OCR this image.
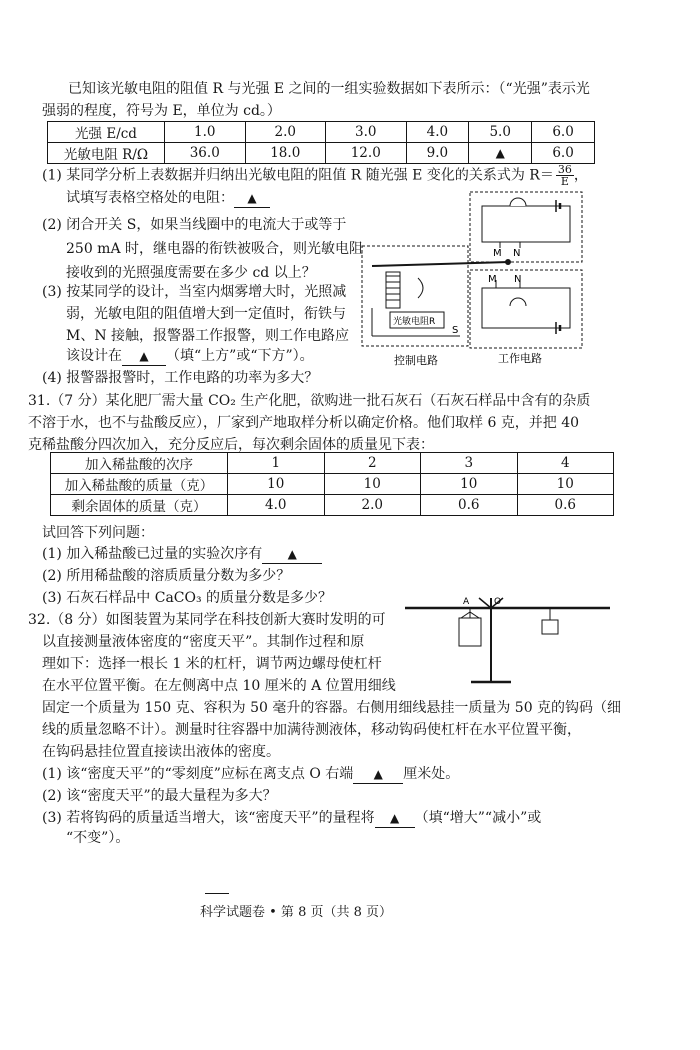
已知该光敏电阻的阻值 R 与光强 E 之间的一组实验数据如下表所示：（“光强”表示光
强弱的程度，符号为 E，单位为 cd。）
光强 E/cd	1.0	2.0	3.0	4.0	5.0	6.0
光敏电阻 R/Ω	36.0	18.0	12.0	9.0	▲	6.0
(1) 某同学分析上表数据并归纳出光敏电阻的阻值 R 随光强 E 变化的关系式为 $R= \frac{36}{E}$ ，
试填写表格空格处的电阻： ▲
(2) 闭合开关 S，如果当线圈中的电流大于或等于
250 mA 时，继电器的衔铁被吸合，则光敏电阻
接收到的光照强度需要在多少 cd 以上？
(3) 按某同学的设计，当室内烟雾增大时，光照减
弱，光敏电阻的阻值增大到一定值时，衔铁与
M、N 接触，报警器工作报警，则工作电路应
该设计在 ▲ （填“上方”或“下方”）。
(4) 报警器报警时，工作电路的功率为多大？
M N
M N
光敏电阻R
S
控制电路	工作电路
31.（7 分）某化肥厂需大量 CO₂ 生产化肥，欲购进一批石灰石（石灰石样品中含有的杂质
不溶于水，也不与盐酸反应），厂家到产地取样分析以确定价格。他们取样 6 克，并把 40
克稀盐酸分四次加入，充分反应后，每次剩余固体的质量见下表：
加入稀盐酸的次序	1	2	3	4
加入稀盐酸的质量（克）	10	10	10	10
剩余固体的质量（克）	4.0	2.0	0.6	0.6
试回答下列问题：
(1) 加入稀盐酸已过量的实验次序有 ▲
(2) 所用稀盐酸的溶质质量分数为多少？
(3) 石灰石样品中 CaCO₃ 的质量分数是多少？
32.（8 分）如图装置为某同学在科技创新大赛时发明的可
以直接测量液体密度的“密度天平”。其制作过程和原
理如下：选择一根长 1 米的杠杆，调节两边螺母使杠杆
在水平位置平衡。在左侧离中点 10 厘米的 A 位置用细线
固定一个质量为 150 克、容积为 50 毫升的容器。右侧用细线悬挂一质量为 50 克的钩码（细
线的质量忽略不计）。测量时往容器中加满待测液体，移动钩码使杠杆在水平位置平衡，
在钩码悬挂位置直接读出液体的密度。
(1) 该“密度天平”的“零刻度”应标在离支点 O 右端 ▲ 厘米处。
(2) 该“密度天平”的最大量程为多大？
(3) 若将钩码的质量适当增大，该“密度天平”的量程将 ▲ （填“增大”“减小”或
“不变”）。
A	O
科学试题卷 • 第 8 页（共 8 页）
